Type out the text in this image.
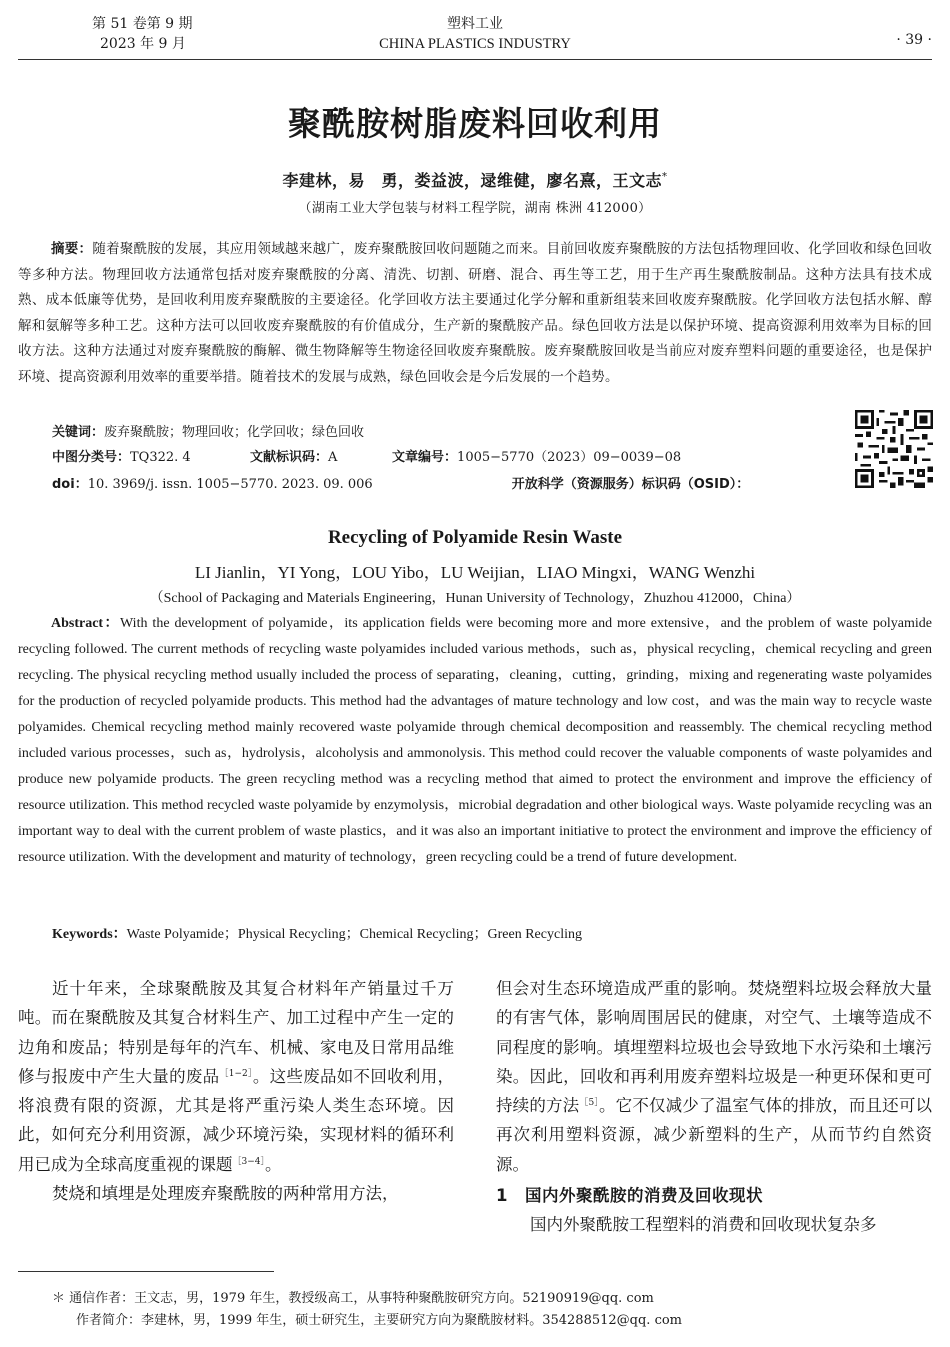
第 51 卷第 9 期
2023 年 9 月
塑料工业
CHINA PLASTICS INDUSTRY	· 39 ·
聚酰胺树脂废料回收利用
李建林，易　勇，娄益波，逯维健，廖名熹，王文志*
（湖南工业大学包装与材料工程学院，湖南 株洲 412000）
摘要：随着聚酰胺的发展，其应用领域越来越广，废弃聚酰胺回收问题随之而来。目前回收废弃聚酰胺的方法包括物理回收、化学回收和绿色回收等多种方法。物理回收方法通常包括对废弃聚酰胺的分离、清洗、切割、研磨、混合、再生等工艺，用于生产再生聚酰胺制品。这种方法具有技术成熟、成本低廉等优势，是回收利用废弃聚酰胺的主要途径。化学回收方法主要通过化学分解和重新组装来回收废弃聚酰胺。化学回收方法包括水解、醇解和氨解等多种工艺。这种方法可以回收废弃聚酰胺的有价值成分，生产新的聚酰胺产品。绿色回收方法是以保护环境、提高资源利用效率为目标的回收方法。这种方法通过对废弃聚酰胺的酶解、微生物降解等生物途径回收废弃聚酰胺。废弃聚酰胺回收是当前应对废弃塑料问题的重要途径，也是保护环境、提高资源利用效率的重要举措。随着技术的发展与成熟，绿色回收会是今后发展的一个趋势。
关键词：废弃聚酰胺；物理回收；化学回收；绿色回收
中图分类号：TQ322. 4	文献标识码：A	文章编号：1005−5770（2023）09−0039−08
doi：10. 3969/j. issn. 1005−5770. 2023. 09. 006	开放科学（资源服务）标识码（OSID）：
Recycling of Polyamide Resin Waste
LI Jianlin，YI Yong，LOU Yibo，LU Weijian，LIAO Mingxi，WANG Wenzhi
（School of Packaging and Materials Engineering，Hunan University of Technology，Zhuzhou 412000，China）
Abstract：With the development of polyamide，its application fields were becoming more and more extensive，and the problem of waste polyamide recycling followed. The current methods of recycling waste polyamides included various methods，such as，physical recycling，chemical recycling and green recycling. The physical recycling method usually included the process of separating，cleaning，cutting，grinding，mixing and regenerating waste polyamides for the production of recycled polyamide products. This method had the advantages of mature technology and low cost，and was the main way to recycle waste polyamides. Chemical recycling method mainly recovered waste polyamide through chemical decomposition and reassembly. The chemical recycling method included various processes，such as，hydrolysis，alcoholysis and ammonolysis. This method could recover the valuable components of waste polyamides and produce new polyamide products. The green recycling method was a recycling method that aimed to protect the environment and improve the efficiency of resource utilization. This method recycled waste polyamide by enzymolysis，microbial degradation and other biological ways. Waste polyamide recycling was an important way to deal with the current problem of waste plastics，and it was also an important initiative to protect the environment and improve the efficiency of resource utilization. With the development and maturity of technology，green recycling could be a trend of future development.
Keywords：Waste Polyamide；Physical Recycling；Chemical Recycling；Green Recycling

近十年来，全球聚酰胺及其复合材料年产销量过千万吨。而在聚酰胺及其复合材料生产、加工过程中产生一定的边角和废品；特别是每年的汽车、机械、家电及日常用品维修与报废中产生大量的废品$^{[1-2]}$。这些废品如不回收利用，将浪费有限的资源，尤其是将严重污染人类生态环境。因此，如何充分利用资源，减少环境污染，实现材料的循环利用已成为全球高度重视的课题$^{[3-4]}$。

焚烧和填埋是处理废弃聚酰胺的两种常用方法，

但会对生态环境造成严重的影响。焚烧塑料垃圾会释放大量的有害气体，影响周围居民的健康，对空气、土壤等造成不同程度的影响。填埋塑料垃圾也会导致地下水污染和土壤污染。因此，回收和再利用废弃塑料垃圾是一种更环保和更可持续的方法$^{[5]}$。它不仅减少了温室气体的排放，而且还可以再次利用塑料资源，减少新塑料的生产，从而节约自然资源。

1　国内外聚酰胺的消费及回收现状

国内外聚酰胺工程塑料的消费和回收现状复杂多

＊ 通信作者：王文志，男，1979 年生，教授级高工，从事特种聚酰胺研究方向。52190919@qq. com
作者简介：李建林，男，1999 年生，硕士研究生，主要研究方向为聚酰胺材料。354288512@qq. com
